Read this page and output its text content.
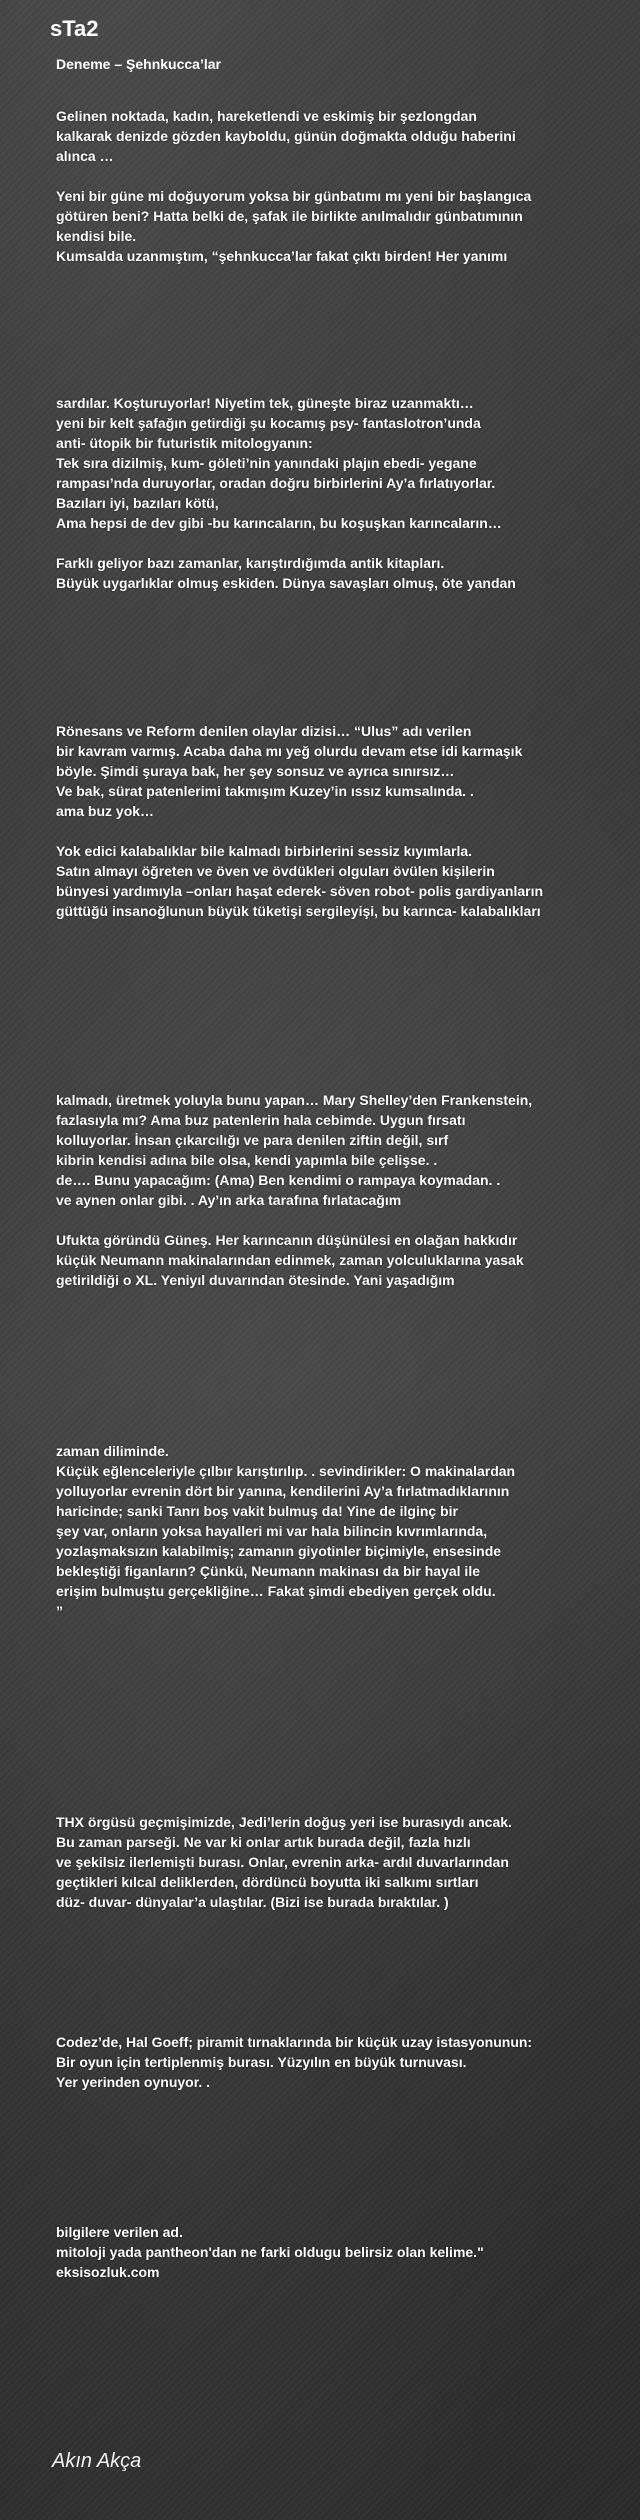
sTa2
Deneme – Şehnkucca’lar
Gelinen noktada, kadın, hareketlendi ve eskimiş bir şezlongdan
kalkarak denizde gözden kayboldu, günün doğmakta olduğu haberini
alınca …

Yeni bir güne mi doğuyorum yoksa bir günbatımı mı yeni bir başlangıca
götüren beni? Hatta belki de, şafak ile birlikte anılmalıdır günbatımının
kendisi bile.
Kumsalda uzanmıştım, “şehnkucca’lar fakat çıktı birden! Her yanımı
sardılar. Koşturuyorlar! Niyetim tek, güneşte biraz uzanmaktı…
yeni bir kelt şafağın getirdiği şu kocamış psy- fantaslotron’unda
anti- ütopik bir futuristik mitologyanın:
Tek sıra dizilmiş, kum- göleti’nin yanındaki plajın ebedi- yegane
rampası’nda duruyorlar, oradan doğru birbirlerini Ay’a fırlatıyorlar.
Bazıları iyi, bazıları kötü,
Ama hepsi de dev gibi -bu karıncaların, bu koşuşkan karıncaların…

Farklı geliyor bazı zamanlar, karıştırdığımda antik kitapları.
Büyük uygarlıklar olmuş eskiden. Dünya savaşları olmuş, öte yandan
Rönesans ve Reform denilen olaylar dizisi… “Ulus” adı verilen
bir kavram varmış. Acaba daha mı yeğ olurdu devam etse idi karmaşık
böyle. Şimdi şuraya bak, her şey sonsuz ve ayrıca sınırsız…
Ve bak, sürat patenlerimi takmışım Kuzey’in ıssız kumsalında. .
ama buz yok…

Yok edici kalabalıklar bile kalmadı birbirlerini sessiz kıyımlarla.
Satın almayı öğreten ve öven ve övdükleri olguları övülen kişilerin
bünyesi yardımıyla –onları haşat ederek- söven robot- polis gardiyanların
güttüğü insanoğlunun büyük tüketişi sergileyişi, bu karınca- kalabalıkları
kalmadı, üretmek yoluyla bunu yapan… Mary Shelley’den Frankenstein,
fazlasıyla mı? Ama buz patenlerin hala cebimde. Uygun fırsatı
kolluyorlar. İnsan çıkarcılığı ve para denilen ziftin değil, sırf
kibrin kendisi adına bile olsa, kendi yapımla bile çelişse. .
de…. Bunu yapacağım: (Ama) Ben kendimi o rampaya koymadan. .
ve aynen onlar gibi. . Ay’ın arka tarafına fırlatacağım

Ufukta göründü Güneş. Her karıncanın düşünülesi en olağan hakkıdır
küçük Neumann makinalarından edinmek, zaman yolculuklarına yasak
getirildiği o XL. Yeniyıl duvarından ötesinde. Yani yaşadığım
zaman diliminde.
Küçük eğlenceleriyle çılbır karıştırılıp. . sevindirikler: O makinalardan
yolluyorlar evrenin dört bir yanına, kendilerini Ay’a fırlatmadıklarının
haricinde; sanki Tanrı boş vakit bulmuş da! Yine de ilginç bir
şey var, onların yoksa hayalleri mi var hala bilincin kıvrımlarında,
yozlaşmaksızın kalabilmiş; zamanın giyotinler biçimiyle, ensesinde
bekleştiği figanların? Çünkü, Neumann makinası da bir hayal ile
erişim bulmuştu gerçekliğine… Fakat şimdi ebediyen gerçek oldu.
”
THX örgüsü geçmişimizde, Jedi’lerin doğuş yeri ise burasıydı ancak.
Bu zaman parseği. Ne var ki onlar artık burada değil, fazla hızlı
ve şekilsiz ilerlemişti burası. Onlar, evrenin arka- ardıl duvarlarından
geçtikleri kılcal deliklerden, dördüncü boyutta iki salkımı sırtları
düz- duvar- dünyalar’a ulaştılar. (Bizi ise burada bıraktılar. )
Codez’de, Hal Goeff; piramit tırnaklarında bir küçük uzay istasyonunun:
Bir oyun için tertiplenmiş burası. Yüzyılın en büyük turnuvası.
Yer yerinden oynuyor. .
bilgilere verilen ad.
mitoloji yada pantheon'dan ne farki oldugu belirsiz olan kelime."
eksisozluk.com
Akın Akça
